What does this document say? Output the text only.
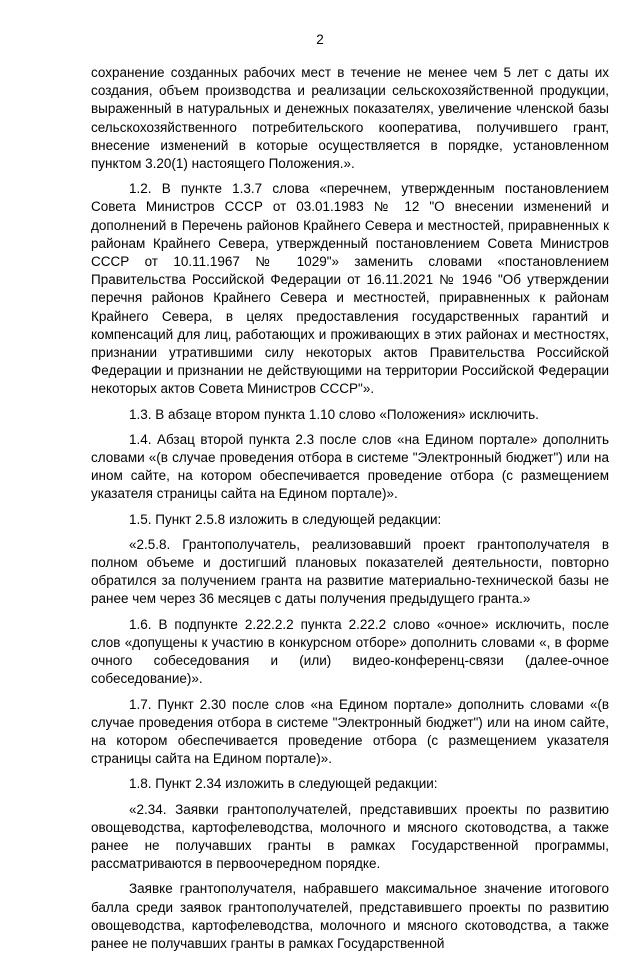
2

сохранение созданных рабочих мест в течение не менее чем 5 лет с даты их создания, объем производства и реализации сельскохозяйственной продукции, выраженный в натуральных и денежных показателях, увеличение членской базы сельскохозяйственного потребительского кооператива, получившего грант, внесение изменений в которые осуществляется в порядке, установленном пунктом 3.20(1) настоящего Положения.».

1.2. В пункте 1.3.7 слова «перечнем, утвержденным постановлением Совета Министров СССР от 03.01.1983 № 12 "О внесении изменений и дополнений в Перечень районов Крайнего Севера и местностей, приравненных к районам Крайнего Севера, утвержденный постановлением Совета Министров СССР от 10.11.1967 № 1029"» заменить словами «постановлением Правительства Российской Федерации от 16.11.2021 № 1946 "Об утверждении перечня районов Крайнего Севера и местностей, приравненных к районам Крайнего Севера, в целях предоставления государственных гарантий и компенсаций для лиц, работающих и проживающих в этих районах и местностях, признании утратившими силу некоторых актов Правительства Российской Федерации и признании не действующими на территории Российской Федерации некоторых актов Совета Министров СССР"».

1.3. В абзаце втором пункта 1.10 слово «Положения» исключить.

1.4. Абзац второй пункта 2.3 после слов «на Едином портале» дополнить словами «(в случае проведения отбора в системе "Электронный бюджет") или на ином сайте, на котором обеспечивается проведение отбора (с размещением указателя страницы сайта на Едином портале)».

1.5. Пункт 2.5.8 изложить в следующей редакции:

«2.5.8. Грантополучатель, реализовавший проект грантополучателя в полном объеме и достигший плановых показателей деятельности, повторно обратился за получением гранта на развитие материально-технической базы не ранее чем через 36 месяцев с даты получения предыдущего гранта.»

1.6. В подпункте 2.22.2.2 пункта 2.22.2 слово «очное» исключить, после слов «допущены к участию в конкурсном отборе» дополнить словами «, в форме очного собеседования и (или) видео-конференц-связи (далее-очное собеседование)».

1.7. Пункт 2.30 после слов «на Едином портале» дополнить словами «(в случае проведения отбора в системе "Электронный бюджет") или на ином сайте, на котором обеспечивается проведение отбора (с размещением указателя страницы сайта на Едином портале)».

1.8. Пункт 2.34 изложить в следующей редакции:

«2.34. Заявки грантополучателей, представивших проекты по развитию овощеводства, картофелеводства, молочного и мясного скотоводства, а также ранее не получавших гранты в рамках Государственной программы, рассматриваются в первоочередном порядке.

Заявке грантополучателя, набравшего максимальное значение итогового балла среди заявок грантополучателей, представившего проекты по развитию овощеводства, картофелеводства, молочного и мясного скотоводства, а также ранее не получавших гранты в рамках Государственной
